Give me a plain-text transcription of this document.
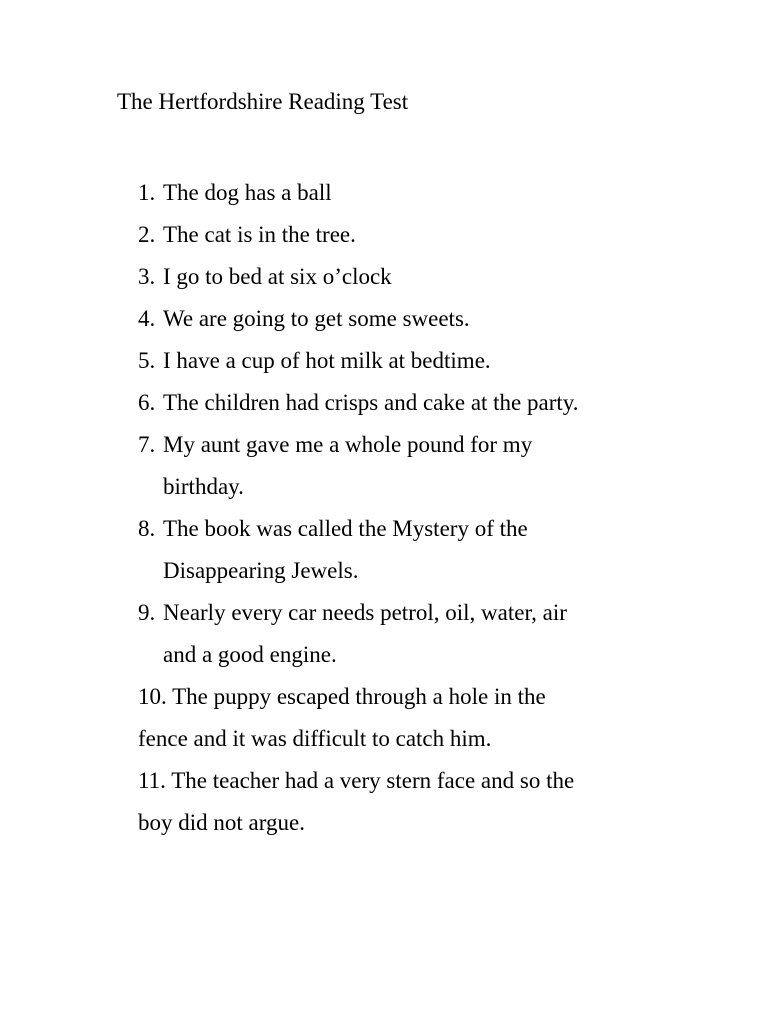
The Hertfordshire Reading Test
1. The dog has a ball
2. The cat is in the tree.
3. I go to bed at six o’clock
4. We are going to get some sweets.
5. I have a cup of hot milk at bedtime.
6. The children had crisps and cake at the party.
7. My aunt gave me a whole pound for my
birthday.
8. The book was called the Mystery of the
Disappearing Jewels.
9. Nearly every car needs petrol, oil, water, air
and a good engine.
10. The puppy escaped through a hole in the
fence and it was difficult to catch him.
11. The teacher had a very stern face and so the
boy did not argue.
